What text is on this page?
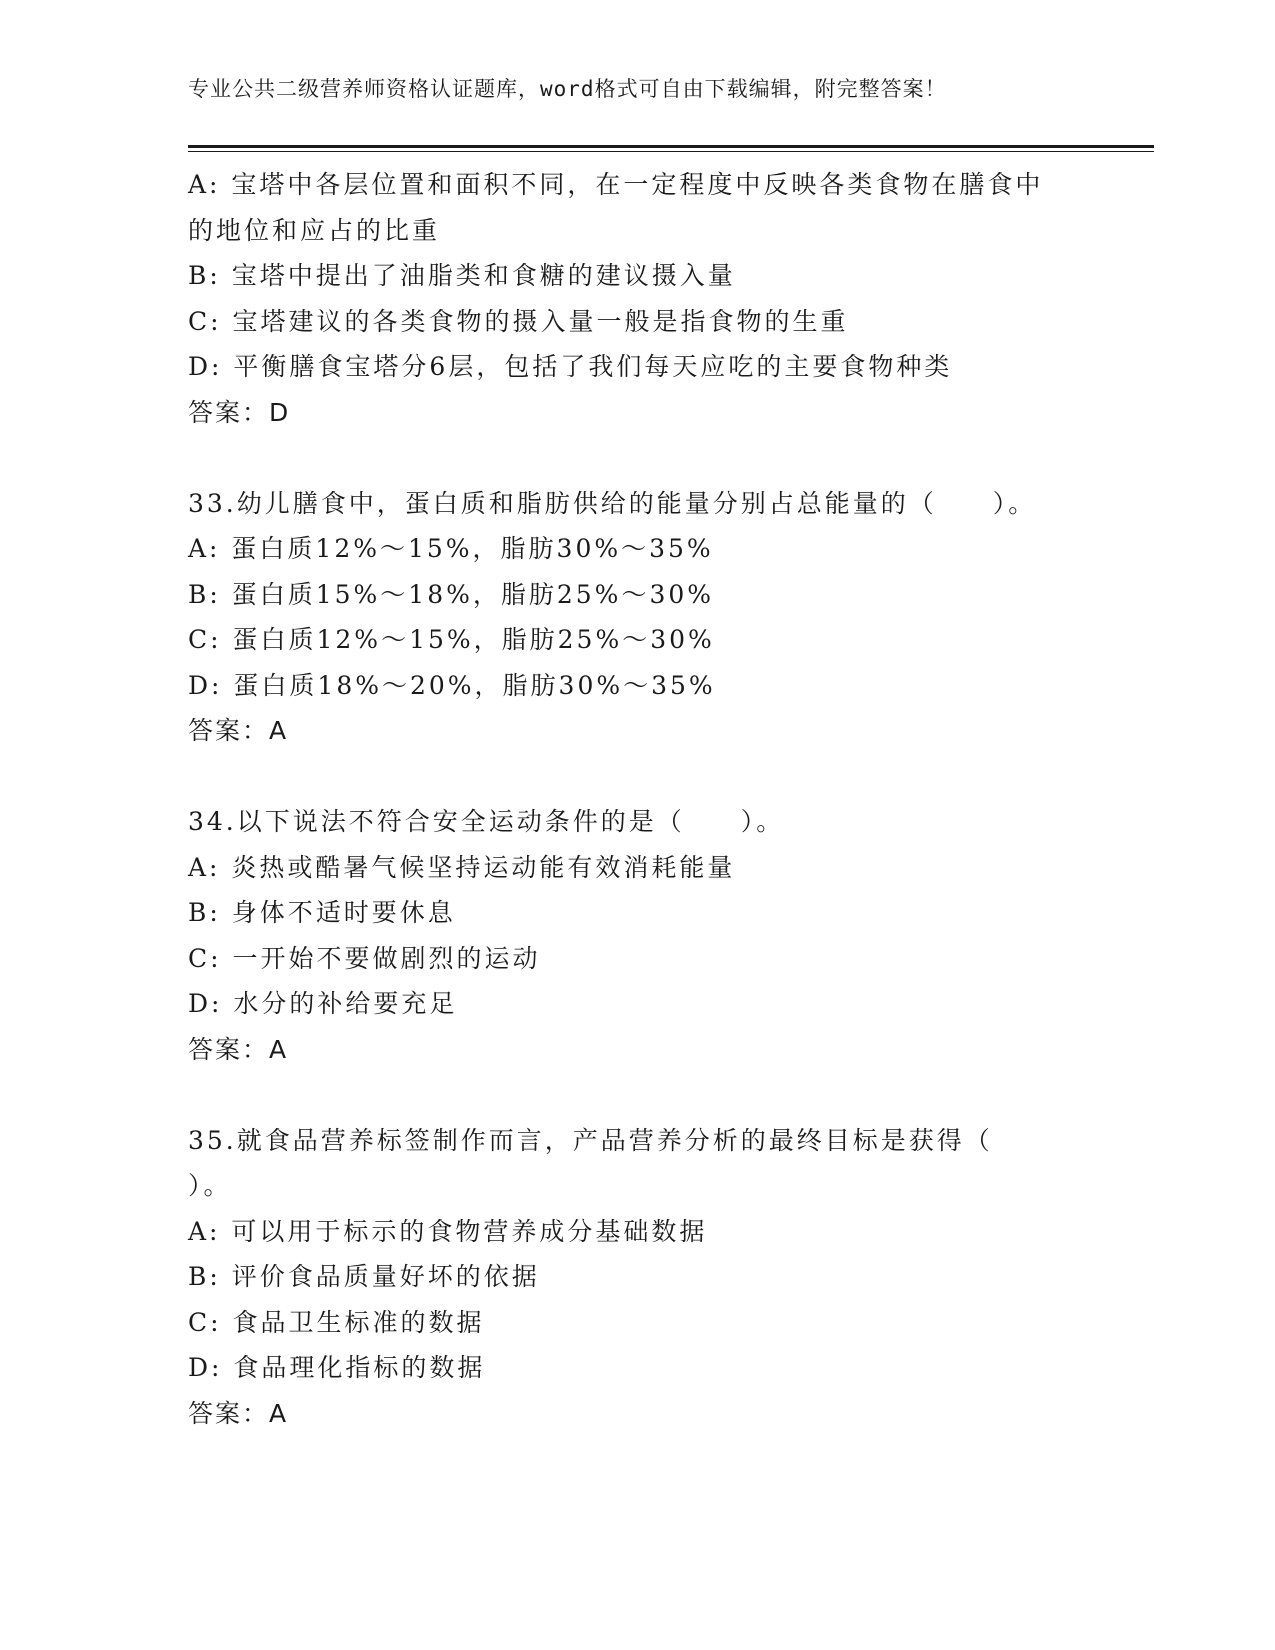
专业公共二级营养师资格认证题库，word格式可自由下载编辑，附完整答案！
A: 宝塔中各层位置和面积不同，在一定程度中反映各类食物在膳食中
的地位和应占的比重
B: 宝塔中提出了油脂类和食糖的建议摄入量
C: 宝塔建议的各类食物的摄入量一般是指食物的生重
D: 平衡膳食宝塔分6层，包括了我们每天应吃的主要食物种类
答案：D
33.幼儿膳食中，蛋白质和脂肪供给的能量分别占总能量的（　　）。
A: 蛋白质12%～15%，脂肪30%～35%
B: 蛋白质15%～18%，脂肪25%～30%
C: 蛋白质12%～15%，脂肪25%～30%
D: 蛋白质18%～20%，脂肪30%～35%
答案：A
34.以下说法不符合安全运动条件的是（　　）。
A: 炎热或酷暑气候坚持运动能有效消耗能量
B: 身体不适时要休息
C: 一开始不要做剧烈的运动
D: 水分的补给要充足
答案：A
35.就食品营养标签制作而言，产品营养分析的最终目标是获得（
）。
A: 可以用于标示的食物营养成分基础数据
B: 评价食品质量好坏的依据
C: 食品卫生标准的数据
D: 食品理化指标的数据
答案：A
